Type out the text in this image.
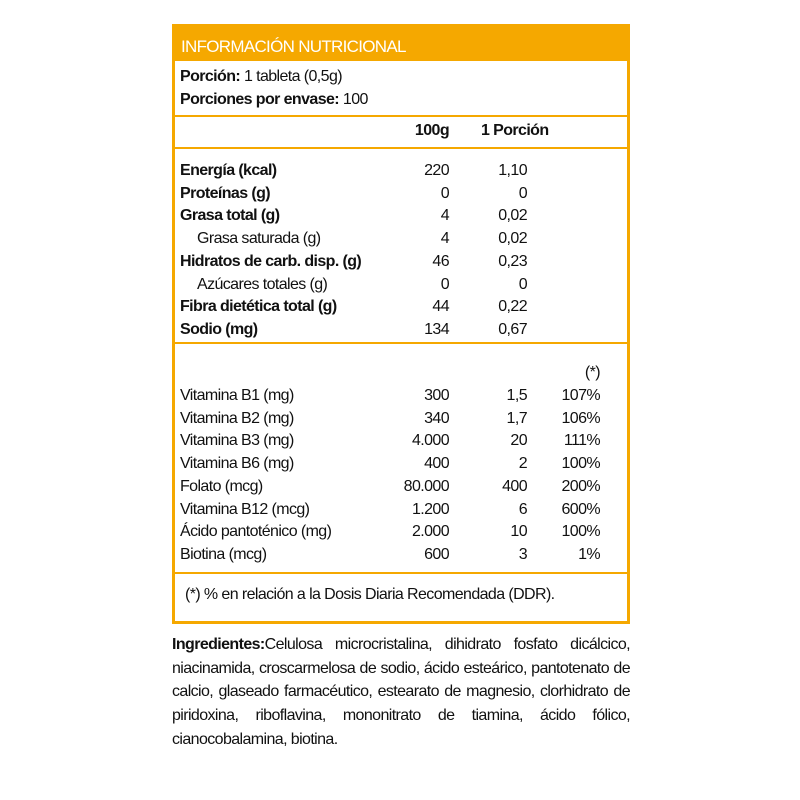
INFORMACIÓN NUTRICIONAL
Porción: 1 tableta (0,5g)
Porciones por envase: 100
100g 1 Porción
Energía (kcal)	220	1,10
Proteínas (g)	0	0
Grasa total (g)	4	0,02
Grasa saturada (g)	4	0,02
Hidratos de carb. disp. (g)	46	0,23
Azúcares totales (g)	0	0
Fibra dietética total (g)	44	0,22
Sodio (mg)	134	0,67
(*)
Vitamina B1 (mg)	300	1,5	107%
Vitamina B2 (mg)	340	1,7	106%
Vitamina B3 (mg)	4.000	20	111%
Vitamina B6 (mg)	400	2	100%
Folato (mcg)	80.000	400	200%
Vitamina B12 (mcg)	1.200	6	600%
Ácido pantoténico (mg)	2.000	10	100%
Biotina (mcg)	600	3	1%
(*) % en relación a la Dosis Diaria Recomendada (DDR).
Ingredientes:Celulosa microcristalina, dihidrato fosfato dicálcico, niacinamida, croscarmelosa de sodio, ácido esteárico, pantotenato de calcio, glaseado farmacéutico, estearato de magnesio, clorhidrato de piridoxina, riboflavina, mononitrato de tiamina, ácido fólico, cianocobalamina, biotina.
